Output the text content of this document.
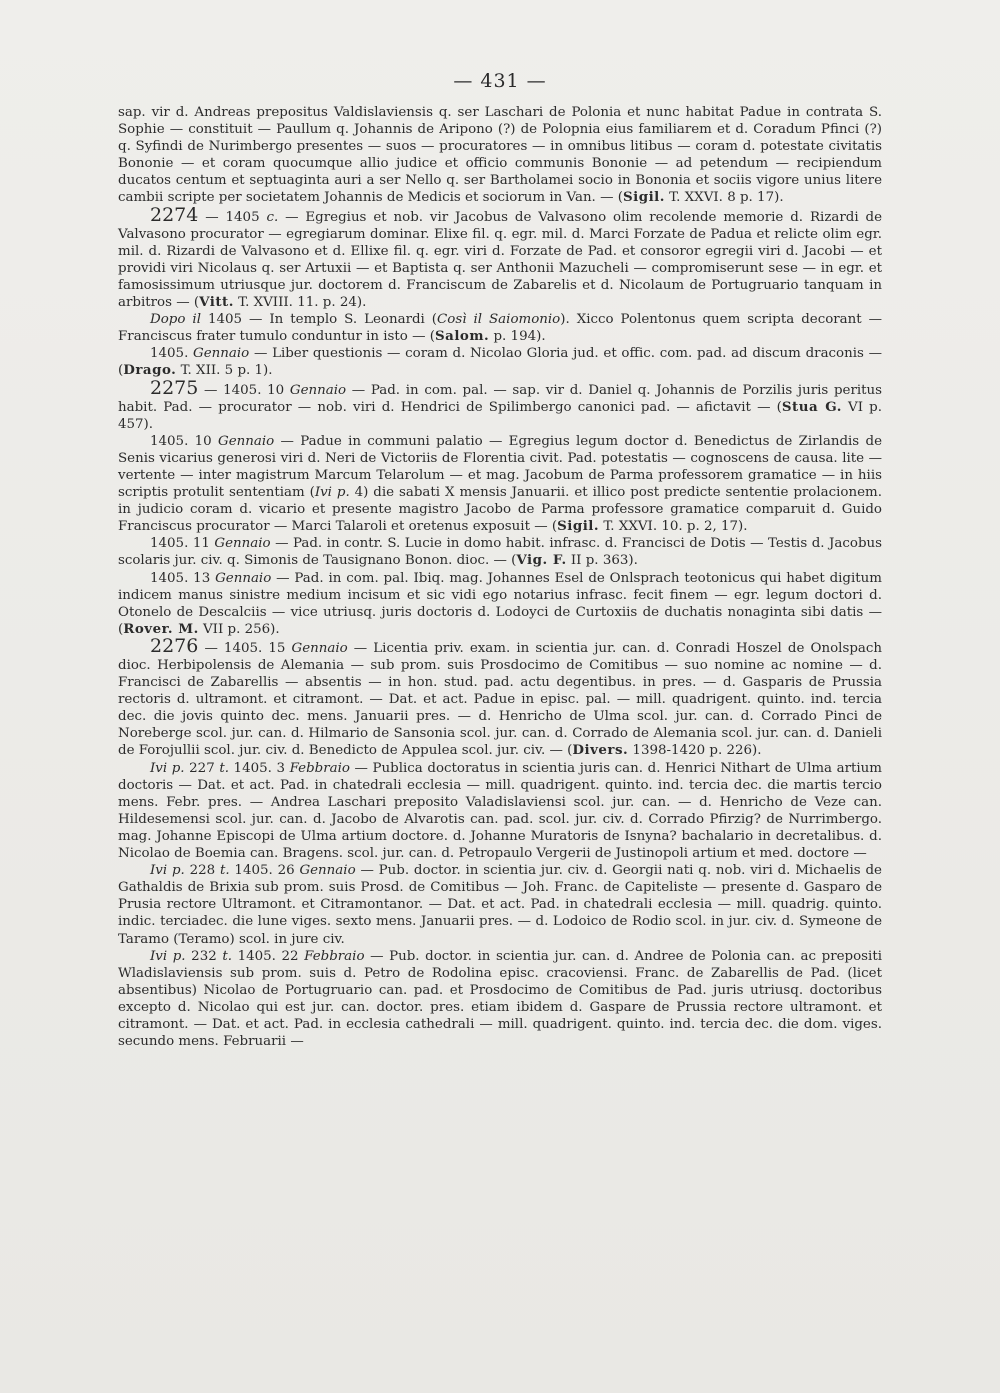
— 431 —

sap. vir d. Andreas prepositus Valdislaviensis q. ser Laschari de Polonia et nunc habitat Padue in contrata S. Sophie — constituit — Paullum q. Johannis de Aripono (?) de Polopnia eius familiarem et d. Coradum Pfinci (?) q. Syfindi de Nurimbergo presentes — suos — procuratores — in omnibus litibus — coram d. potestate civitatis Bononie — et coram quocumque allio judice et officio communis Bononie — ad petendum — recipiendum ducatos centum et septuaginta auri a ser Nello q. ser Bartholamei socio in Bononia et sociis vigore unius litere cambii scripte per societatem Johannis de Medicis et sociorum in Van. — (Sigil. T. XXVI. 8 p. 17).

2274 — 1405 c. — Egregius et nob. vir Jacobus de Valvasono olim recolende memorie d. Rizardi de Valvasono procurator — egregiarum dominar. Elixe fil. q. egr. mil. d. Marci Forzate de Padua et relicte olim egr. mil. d. Rizardi de Valvasono et d. Ellixe fil. q. egr. viri d. Forzate de Pad. et consoror egregii viri d. Jacobi — et providi viri Nicolaus q. ser Artuxii — et Baptista q. ser Anthonii Mazucheli — compromiserunt sese — in egr. et famosissimum utriusque jur. doctorem d. Franciscum de Zabarelis et d. Nicolaum de Portugruario tanquam in arbitros — (Vitt. T. XVIII. 11. p. 24).

Dopo il 1405 — In templo S. Leonardi (Così il Saiomonio). Xicco Polentonus quem scripta decorant — Franciscus frater tumulo conduntur in isto — (Salom. p. 194).

1405. Gennaio — Liber questionis — coram d. Nicolao Gloria jud. et offic. com. pad. ad discum draconis — (Drago. T. XII. 5 p. 1).

2275 — 1405. 10 Gennaio — Pad. in com. pal. — sap. vir d. Daniel q. Johannis de Porzilis juris peritus habit. Pad. — procurator — nob. viri d. Hendrici de Spilimbergo canonici pad. — afictavit — (Stua G. VI p. 457).

1405. 10 Gennaio — Padue in communi palatio — Egregius legum doctor d. Benedictus de Zirlandis de Senis vicarius generosi viri d. Neri de Victoriis de Florentia civit. Pad. potestatis — cognoscens de causa. lite — vertente — inter magistrum Marcum Telarolum — et mag. Jacobum de Parma professorem gramatice — in hiis scriptis protulit sententiam (Ivi p. 4) die sabati X mensis Januarii. et illico post predicte sententie prolacionem. in judicio coram d. vicario et presente magistro Jacobo de Parma professore gramatice comparuit d. Guido Franciscus procurator — Marci Talaroli et oretenus exposuit — (Sigil. T. XXVI. 10. p. 2, 17).

1405. 11 Gennaio — Pad. in contr. S. Lucie in domo habit. infrasc. d. Francisci de Dotis — Testis d. Jacobus scolaris jur. civ. q. Simonis de Tausignano Bonon. dioc. — (Vig. F. II p. 363).

1405. 13 Gennaio — Pad. in com. pal. Ibiq. mag. Johannes Esel de Onlsprach teotonicus qui habet digitum indicem manus sinistre medium incisum et sic vidi ego notarius infrasc. fecit finem — egr. legum doctori d. Otonelo de Descalciis — vice utriusq. juris doctoris d. Lodoyci de Curtoxiis de duchatis nonaginta sibi datis — (Rover. M. VII p. 256).

2276 — 1405. 15 Gennaio — Licentia priv. exam. in scientia jur. can. d. Conradi Hoszel de Onolspach dioc. Herbipolensis de Alemania — sub prom. suis Prosdocimo de Comitibus — suo nomine ac nomine — d. Francisci de Zabarellis — absentis — in hon. stud. pad. actu degentibus. in pres. — d. Gasparis de Prussia rectoris d. ultramont. et citramont. — Dat. et act. Padue in episc. pal. — mill. quadrigent. quinto. ind. tercia dec. die jovis quinto dec. mens. Januarii pres. — d. Henricho de Ulma scol. jur. can. d. Corrado Pinci de Noreberge scol. jur. can. d. Hilmario de Sansonia scol. jur. can. d. Corrado de Alemania scol. jur. can. d. Danieli de Forojullii scol. jur. civ. d. Benedicto de Appulea scol. jur. civ. — (Divers. 1398-1420 p. 226).

Ivi p. 227 t. 1405. 3 Febbraio — Publica doctoratus in scientia juris can. d. Henrici Nithart de Ulma artium doctoris — Dat. et act. Pad. in chatedrali ecclesia — mill. quadrigent. quinto. ind. tercia dec. die martis tercio mens. Febr. pres. — Andrea Laschari preposito Valadislaviensi scol. jur. can. — d. Henricho de Veze can. Hildesemensi scol. jur. can. d. Jacobo de Alvarotis can. pad. scol. jur. civ. d. Corrado Pfirzig? de Nurrimbergo. mag. Johanne Episcopi de Ulma artium doctore. d. Johanne Muratoris de Isnyna? bachalario in decretalibus. d. Nicolao de Boemia can. Bragens. scol. jur. can. d. Petropaulo Vergerii de Justinopoli artium et med. doctore —

Ivi p. 228 t. 1405. 26 Gennaio — Pub. doctor. in scientia jur. civ. d. Georgii nati q. nob. viri d. Michaelis de Gathaldis de Brixia sub prom. suis Prosd. de Comitibus — Joh. Franc. de Capiteliste — presente d. Gasparo de Prusia rectore Ultramont. et Citramontanor. — Dat. et act. Pad. in chatedrali ecclesia — mill. quadrig. quinto. indic. terciadec. die lune viges. sexto mens. Januarii pres. — d. Lodoico de Rodio scol. in jur. civ. d. Symeone de Taramo (Teramo) scol. in jure civ.

Ivi p. 232 t. 1405. 22 Febbraio — Pub. doctor. in scientia jur. can. d. Andree de Polonia can. ac prepositi Wladislaviensis sub prom. suis d. Petro de Rodolina episc. cracoviensi. Franc. de Zabarellis de Pad. (licet absentibus) Nicolao de Portugruario can. pad. et Prosdocimo de Comitibus de Pad. juris utriusq. doctoribus excepto d. Nicolao qui est jur. can. doctor. pres. etiam ibidem d. Gaspare de Prussia rectore ultramont. et citramont. — Dat. et act. Pad. in ecclesia cathedrali — mill. quadrigent. quinto. ind. tercia dec. die dom. viges. secundo mens. Februarii —
